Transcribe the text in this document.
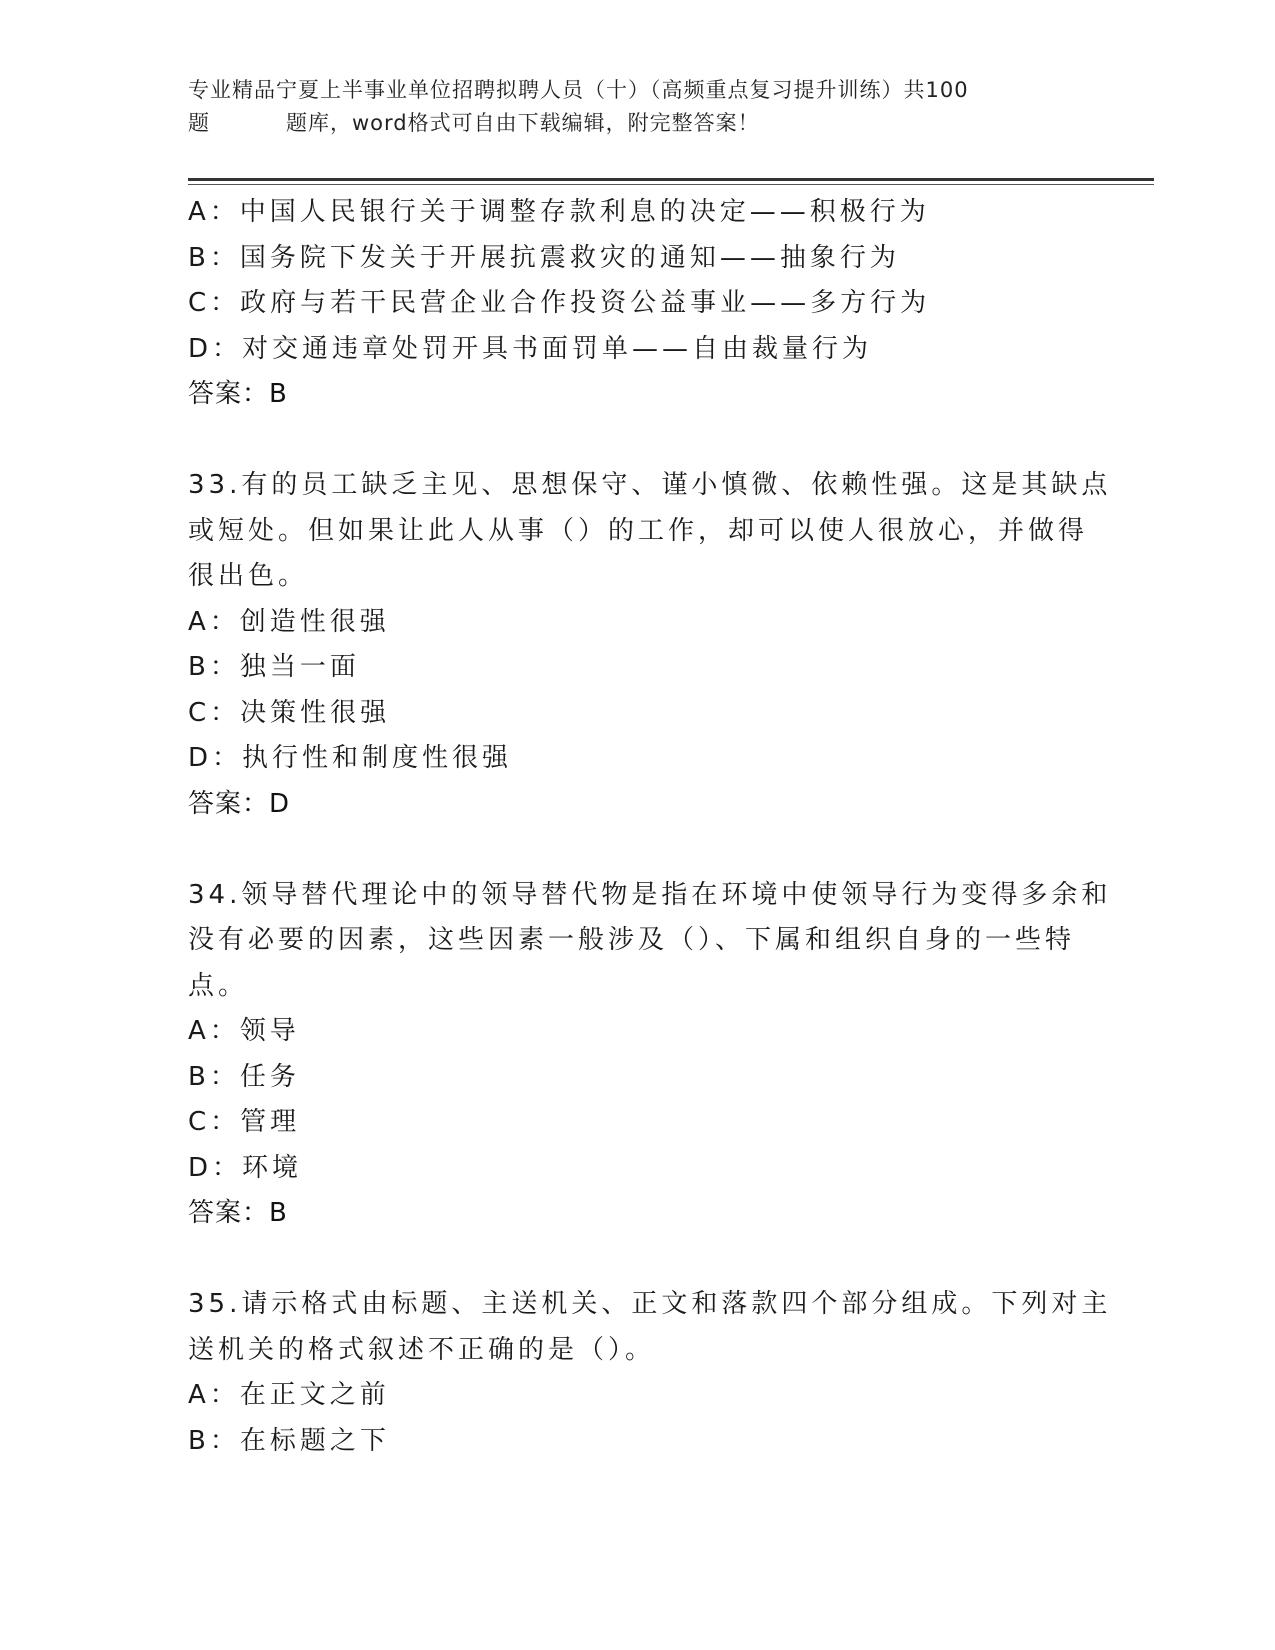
专业精品宁夏上半事业单位招聘拟聘人员（十）（高频重点复习提升训练）共100
题	题库，word格式可自由下载编辑，附完整答案！
A：中国人民银行关于调整存款利息的决定——积极行为
B：国务院下发关于开展抗震救灾的通知——抽象行为
C：政府与若干民营企业合作投资公益事业——多方行为
D：对交通违章处罚开具书面罚单——自由裁量行为
答案：B
33.有的员工缺乏主见、思想保守、谨小慎微、依赖性强。这是其缺点
或短处。但如果让此人从事（）的工作，却可以使人很放心，并做得
很出色。
A：创造性很强
B：独当一面
C：决策性很强
D：执行性和制度性很强
答案：D
34.领导替代理论中的领导替代物是指在环境中使领导行为变得多余和
没有必要的因素，这些因素一般涉及（）、下属和组织自身的一些特
点。
A：领导
B：任务
C：管理
D：环境
答案：B
35.请示格式由标题、主送机关、正文和落款四个部分组成。下列对主
送机关的格式叙述不正确的是（）。
A：在正文之前
B：在标题之下
